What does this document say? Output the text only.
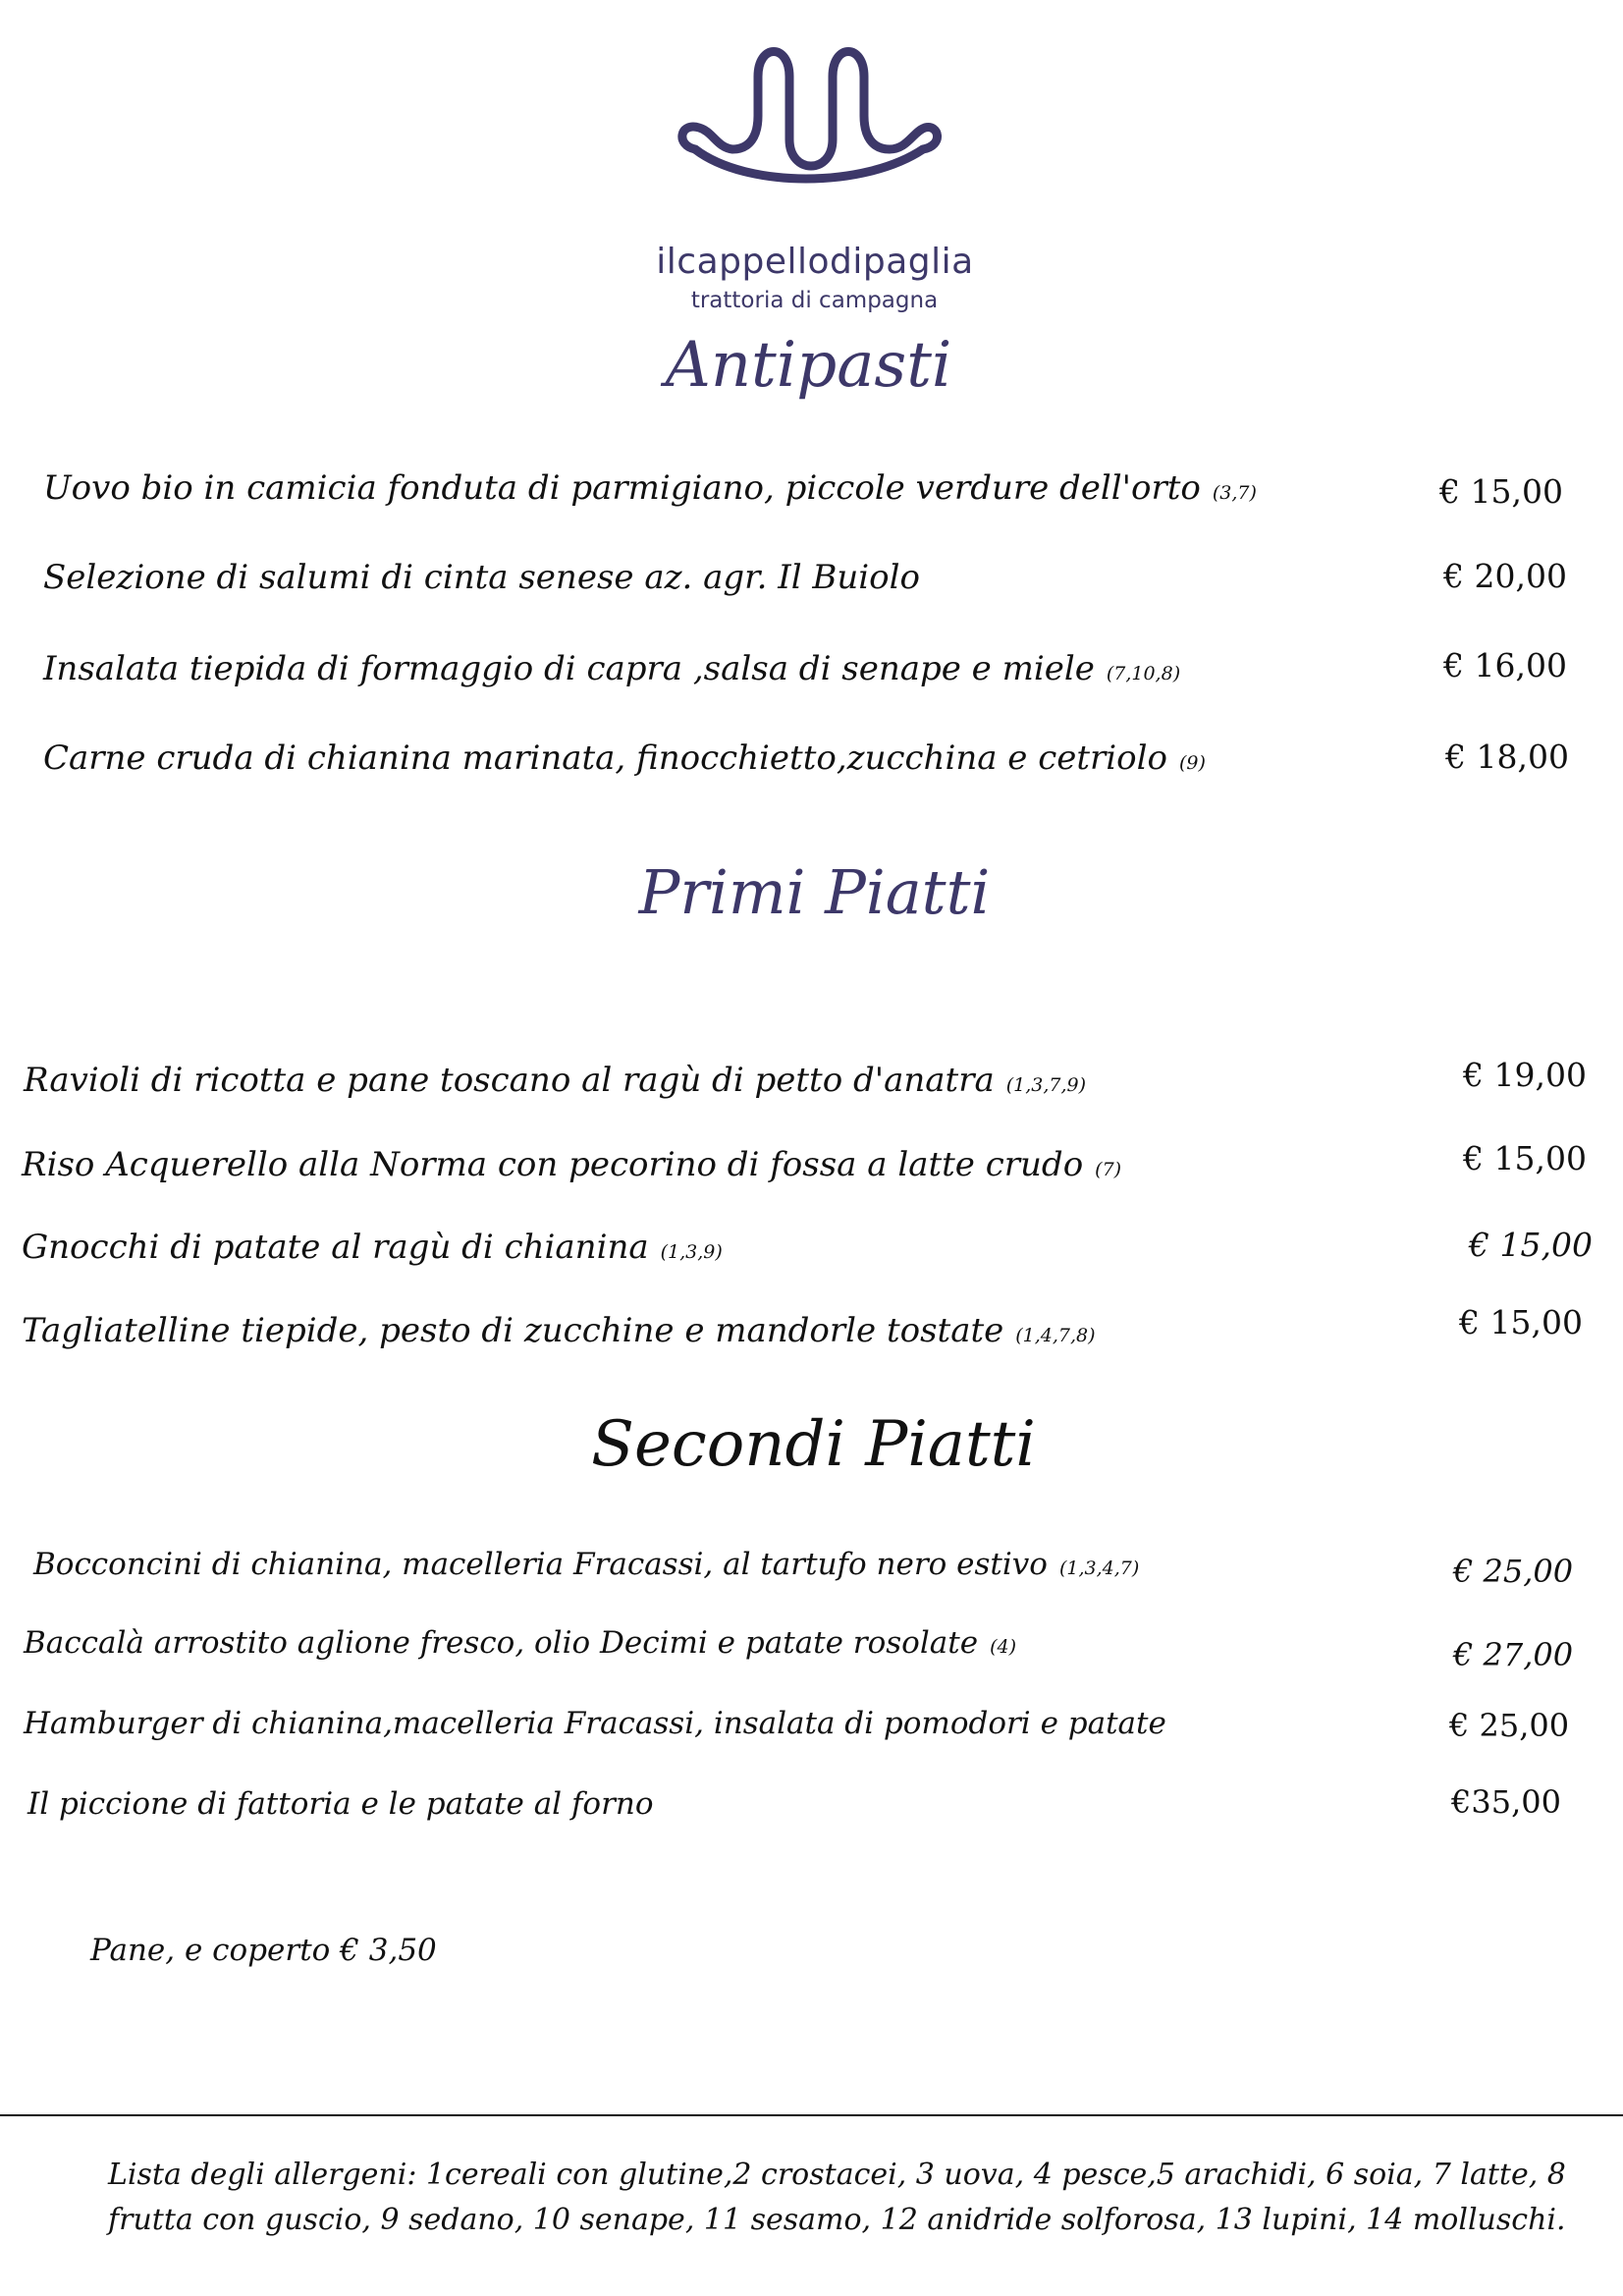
ilcappellodipaglia
trattoria di campagna
Antipasti
Uovo bio in camicia fonduta di parmigiano, piccole verdure dell'orto (3,7)	€ 15,00
Selezione di salumi di cinta senese az. agr. Il Buiolo	€ 20,00
Insalata tiepida di formaggio di capra ,salsa di senape e miele (7,10,8)	€ 16,00
Carne cruda di chianina marinata, finocchietto,zucchina e cetriolo (9)	€ 18,00
Primi Piatti
Ravioli di ricotta e pane toscano al ragù di petto d'anatra (1,3,7,9)	€ 19,00
Riso Acquerello alla Norma con pecorino di fossa a latte crudo (7)	€ 15,00
Gnocchi di patate al ragù di chianina (1,3,9)	€ 15,00
Tagliatelline tiepide, pesto di zucchine e mandorle tostate (1,4,7,8)	€ 15,00
Secondi Piatti
Bocconcini di chianina, macelleria Fracassi, al tartufo nero estivo (1,3,4,7)	€ 25,00
Baccalà arrostito aglione fresco, olio Decimi e patate rosolate (4)	€ 27,00
Hamburger di chianina,macelleria Fracassi, insalata di pomodori e patate	€ 25,00
Il piccione di fattoria e le patate al forno	€35,00
Pane, e coperto € 3,50
Lista degli allergeni: 1cereali con glutine,2 crostacei, 3 uova, 4 pesce,5 arachidi, 6 soia, 7 latte, 8
frutta con guscio, 9 sedano, 10 senape, 11 sesamo, 12 anidride solforosa, 13 lupini, 14 molluschi.
